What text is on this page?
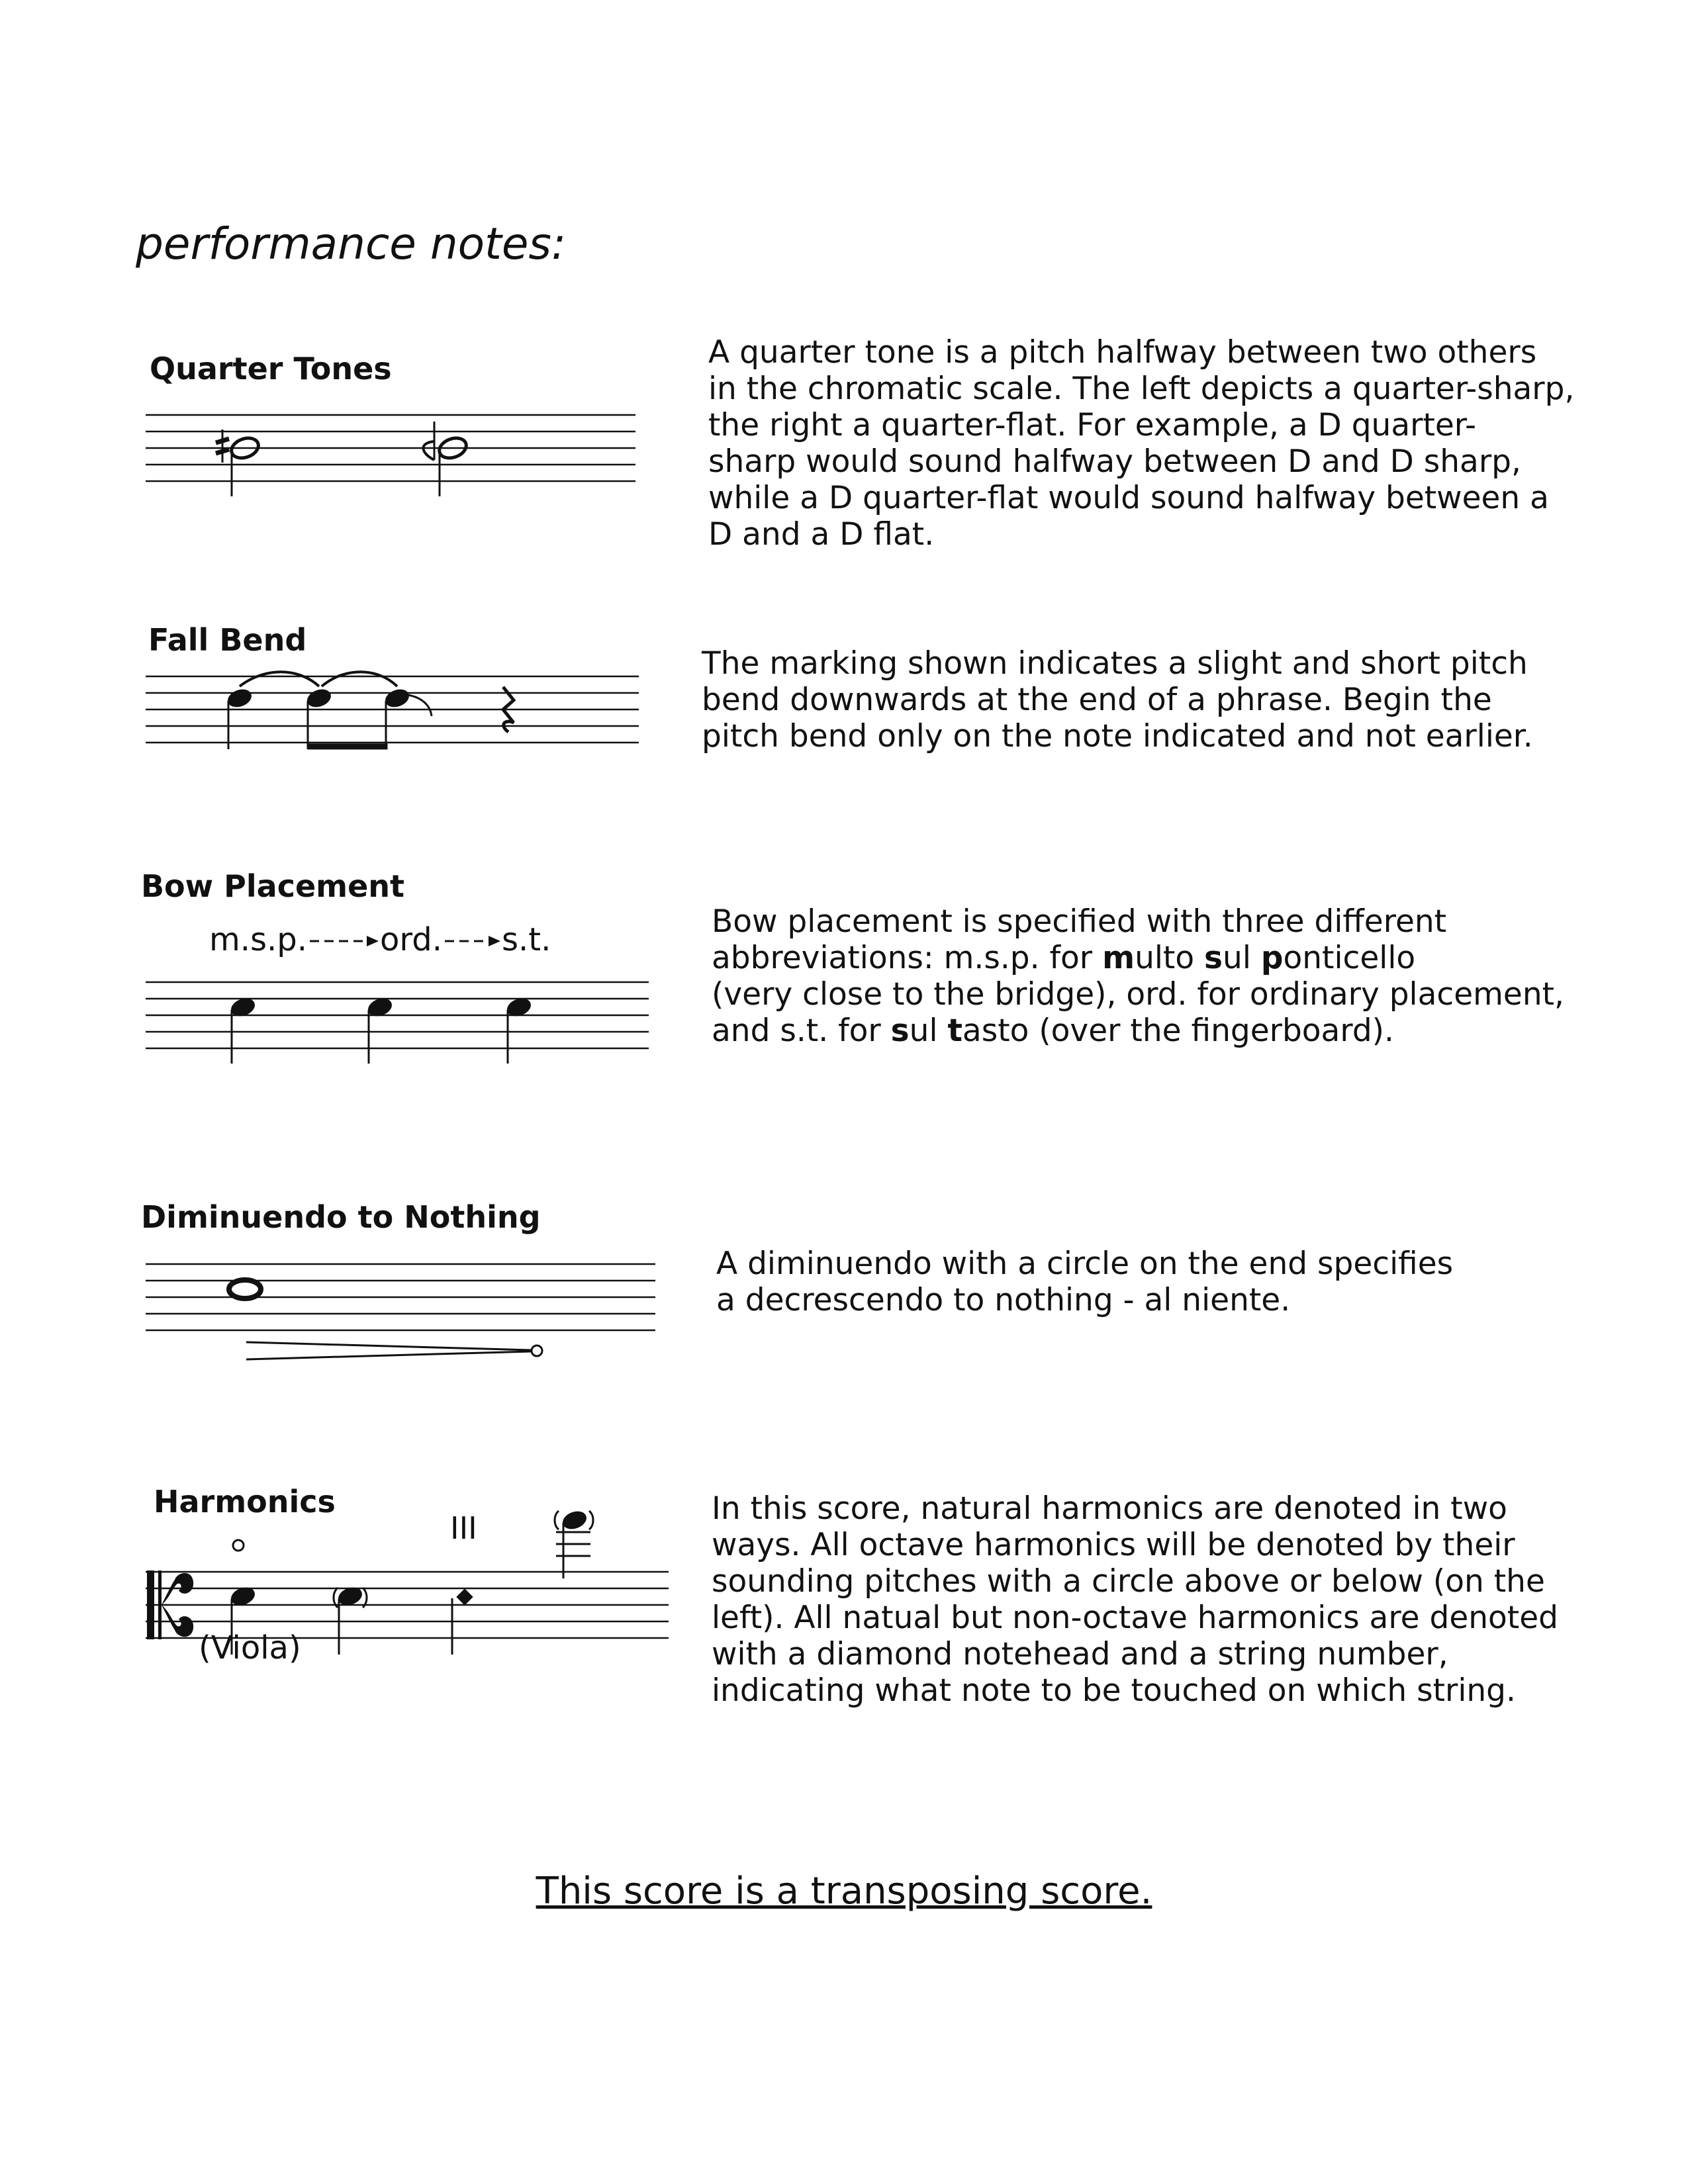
performance notes:
Quarter Tones	A quarter tone is a pitch halfway between two others
in the chromatic scale. The left depicts a quarter-sharp,
the right a quarter-flat. For example, a D quarter-
sharp would sound halfway between D and D sharp,
while a D quarter-flat would sound halfway between a
D and a D flat.
Fall Bend
The marking shown indicates a slight and short pitch
bend downwards at the end of a phrase. Begin the
pitch bend only on the note indicated and not earlier.
Bow Placement
m.s.p. ord. s.t.	Bow placement is specified with three different
abbreviations: m.s.p. for multo sul ponticello
(very close to the bridge), ord. for ordinary placement,
and s.t. for sul tasto (over the fingerboard).
Diminuendo to Nothing
A diminuendo with a circle on the end specifies
a decrescendo to nothing - al niente.
Harmonics
III
(Viola)
In this score, natural harmonics are denoted in two
ways. All octave harmonics will be denoted by their
sounding pitches with a circle above or below (on the
left). All natual but non-octave harmonics are denoted
with a diamond notehead and a string number,
indicating what note to be touched on which string.
This score is a transposing score.
